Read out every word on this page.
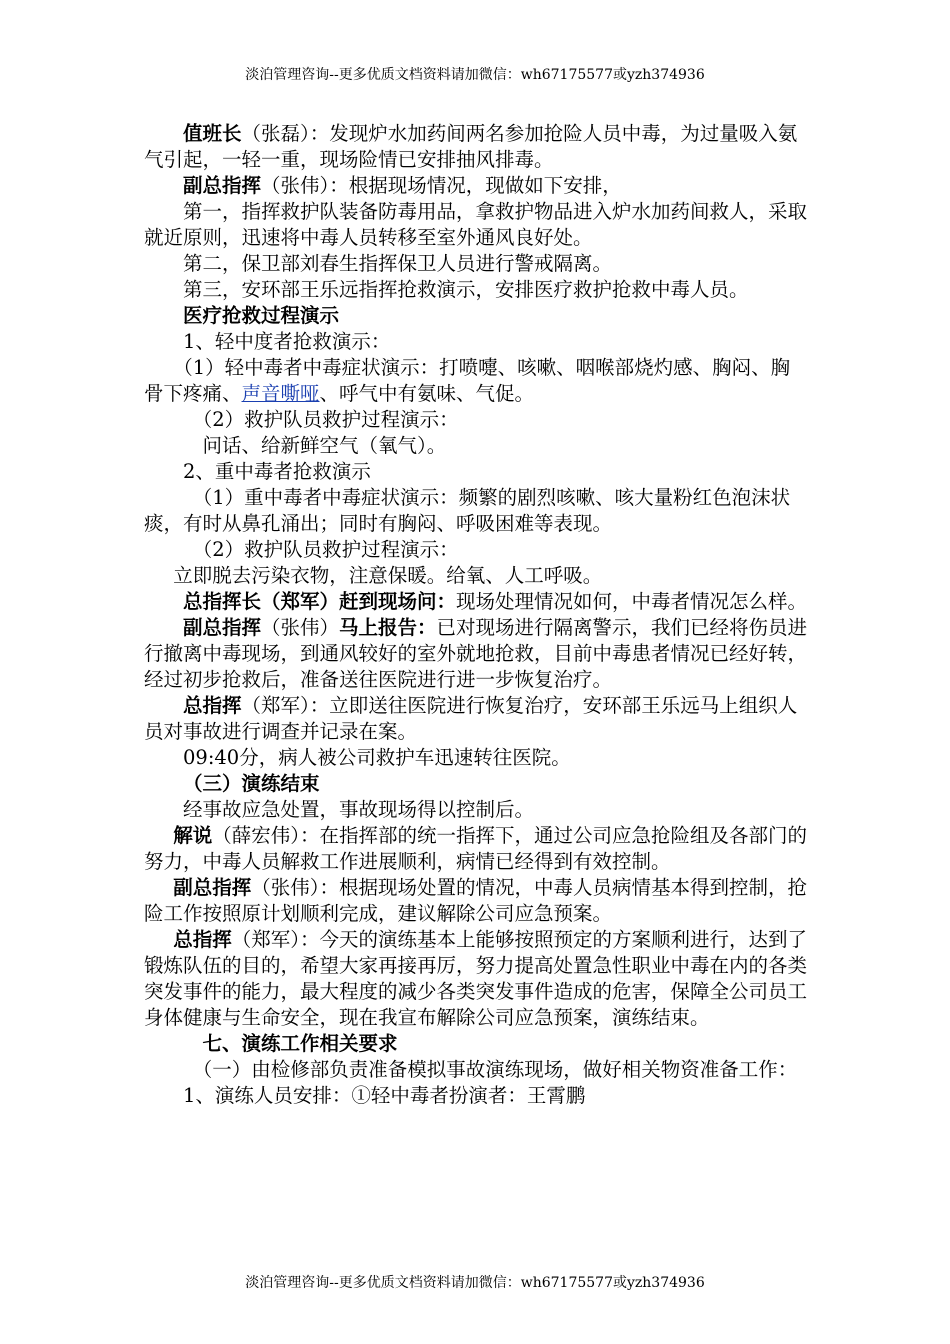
淡泊管理咨询--更多优质文档资料请加微信：wh67175577或yzh374936

值班长（张磊）：发现炉水加药间两名参加抢险人员中毒，为过量吸入氨气引起，一轻一重，现场险情已安排抽风排毒。

副总指挥（张伟）：根据现场情况，现做如下安排，

第一，指挥救护队装备防毒用品，拿救护物品进入炉水加药间救人，采取就近原则，迅速将中毒人员转移至室外通风良好处。

第二，保卫部刘春生指挥保卫人员进行警戒隔离。

第三，安环部王乐远指挥抢救演示，安排医疗救护抢救中毒人员。

医疗抢救过程演示

1、轻中度者抢救演示：

（1）轻中毒者中毒症状演示：打喷嚏、咳嗽、咽喉部烧灼感、胸闷、胸骨下疼痛、声音嘶哑、呼气中有氨味、气促。

（2）救护队员救护过程演示：

问话、给新鲜空气（氧气）。

2、重中毒者抢救演示

（1）重中毒者中毒症状演示：频繁的剧烈咳嗽、咳大量粉红色泡沫状痰，有时从鼻孔涌出；同时有胸闷、呼吸困难等表现。

（2）救护队员救护过程演示：

立即脱去污染衣物，注意保暖。给氧、人工呼吸。

总指挥长（郑军）赶到现场问：现场处理情况如何，中毒者情况怎么样。

副总指挥（张伟）马上报告：已对现场进行隔离警示，我们已经将伤员进行撤离中毒现场，到通风较好的室外就地抢救，目前中毒患者情况已经好转，经过初步抢救后，准备送往医院进行进一步恢复治疗。

总指挥（郑军）：立即送往医院进行恢复治疗，安环部王乐远马上组织人员对事故进行调查并记录在案。

09:40分，病人被公司救护车迅速转往医院。

（三）演练结束

经事故应急处置，事故现场得以控制后。

解说（薛宏伟）：在指挥部的统一指挥下，通过公司应急抢险组及各部门的努力，中毒人员解救工作进展顺利，病情已经得到有效控制。

副总指挥（张伟）：根据现场处置的情况，中毒人员病情基本得到控制，抢险工作按照原计划顺利完成，建议解除公司应急预案。

总指挥（郑军）：今天的演练基本上能够按照预定的方案顺利进行，达到了锻炼队伍的目的，希望大家再接再厉，努力提高处置急性职业中毒在内的各类突发事件的能力，最大程度的减少各类突发事件造成的危害，保障全公司员工身体健康与生命安全，现在我宣布解除公司应急预案，演练结束。

七、演练工作相关要求

（一）由检修部负责准备模拟事故演练现场，做好相关物资准备工作：

1、演练人员安排：①轻中毒者扮演者：王霄鹏

淡泊管理咨询--更多优质文档资料请加微信：wh67175577或yzh374936
